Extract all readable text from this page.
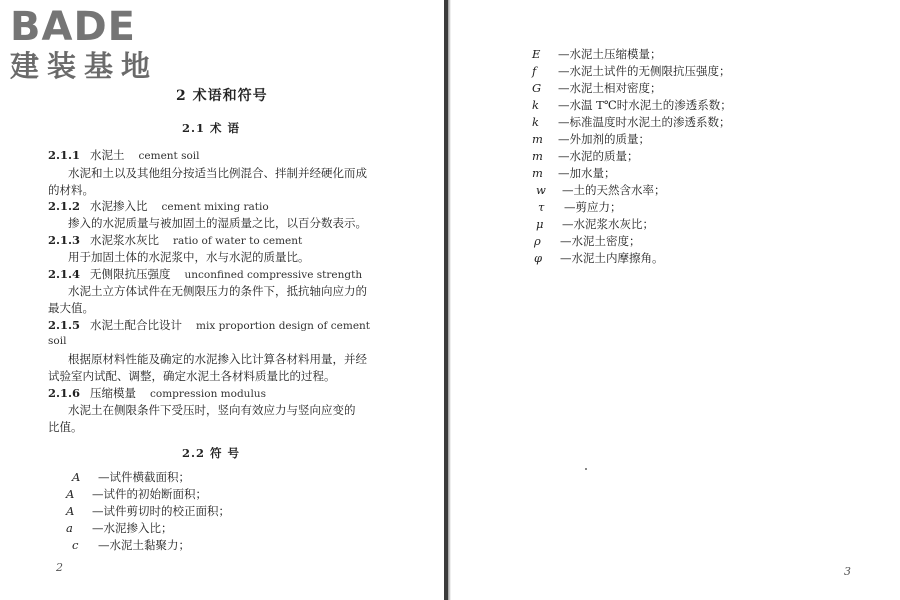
BADE
建装基地
2 术语和符号
2.1 术 语
2.1.1 水泥土 cement soil
水泥和土以及其他组分按适当比例混合、拌制并经硬化而成
的材料。
2.1.2 水泥掺入比 cement mixing ratio
掺入的水泥质量与被加固土的湿质量之比，以百分数表示。
2.1.3 水泥浆水灰比 ratio of water to cement
用于加固土体的水泥浆中，水与水泥的质量比。
2.1.4 无侧限抗压强度 unconfined compressive strength
水泥土立方体试件在无侧限压力的条件下，抵抗轴向应力的
最大值。
2.1.5 水泥土配合比设计 mix proportion design of cement
soil
根据原材料性能及确定的水泥掺入比计算各材料用量，并经
试验室内试配、调整，确定水泥土各材料质量比的过程。
2.1.6 压缩模量 compression modulus
水泥土在侧限条件下受压时，竖向有效应力与竖向应变的
比值。
2.2 符 号
A —试件横截面积；
A —试件的初始断面积；
A —试件剪切时的校正面积；
a —水泥掺入比；
c —水泥土黏聚力；
2
E —水泥土压缩模量；
f —水泥土试件的无侧限抗压强度；
G —水泥土相对密度；
k —水温 T℃时水泥土的渗透系数；
k —标准温度时水泥土的渗透系数；
m —外加剂的质量；
m —水泥的质量；
m —加水量；
w —土的天然含水率；
τ —剪应力；
μ —水泥浆水灰比；
ρ —水泥土密度；
φ —水泥土内摩擦角。
3
